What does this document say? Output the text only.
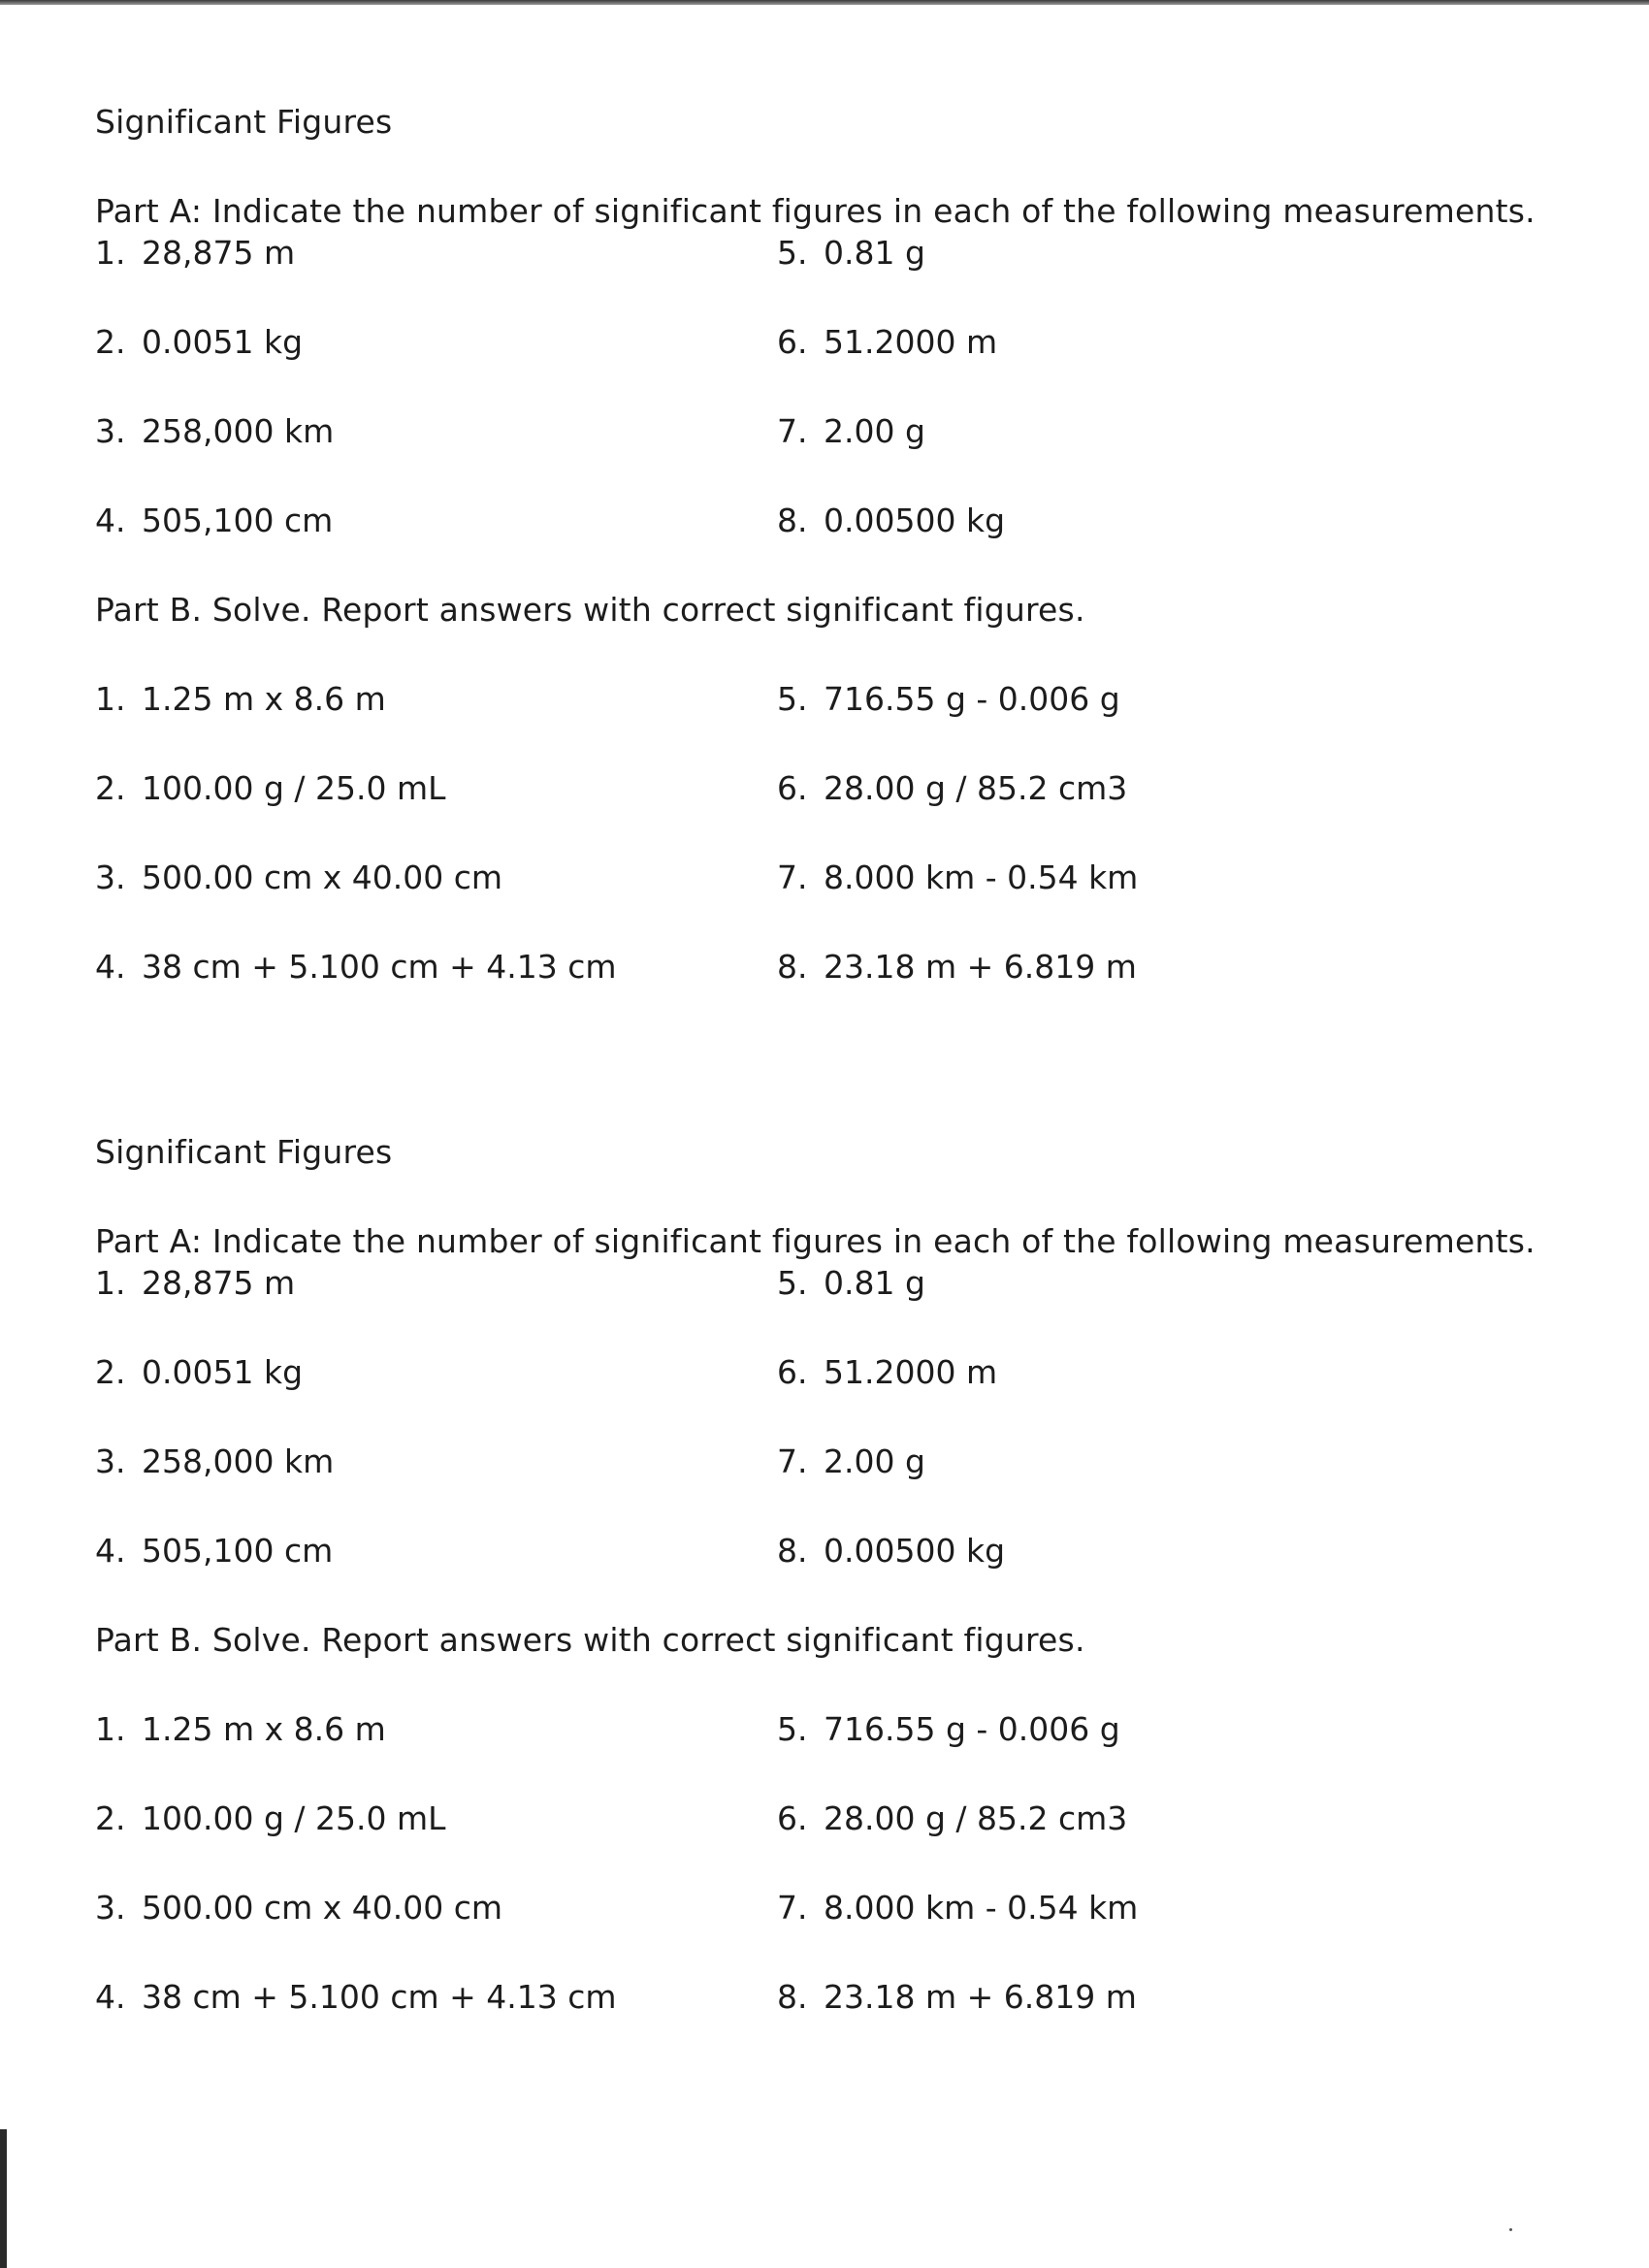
Significant Figures
Part A: Indicate the number of significant figures in each of the following measurements.
1. 28,875 m
2. 0.0051 kg
3. 258,000 km
4. 505,100 cm
5. 0.81 g
6. 51.2000 m
7. 2.00 g
8. 0.00500 kg
Part B. Solve. Report answers with correct significant figures.
1. 1.25 m x 8.6 m
2. 100.00 g / 25.0 mL
3. 500.00 cm x 40.00 cm
4. 38 cm + 5.100 cm + 4.13 cm
5. 716.55 g - 0.006 g
6. 28.00 g / 85.2 cm3
7. 8.000 km - 0.54 km
8. 23.18 m + 6.819 m
Significant Figures
Part A: Indicate the number of significant figures in each of the following measurements.
1. 28,875 m
2. 0.0051 kg
3. 258,000 km
4. 505,100 cm
5. 0.81 g
6. 51.2000 m
7. 2.00 g
8. 0.00500 kg
Part B. Solve. Report answers with correct significant figures.
1. 1.25 m x 8.6 m
2. 100.00 g / 25.0 mL
3. 500.00 cm x 40.00 cm
4. 38 cm + 5.100 cm + 4.13 cm
5. 716.55 g - 0.006 g
6. 28.00 g / 85.2 cm3
7. 8.000 km - 0.54 km
8. 23.18 m + 6.819 m
